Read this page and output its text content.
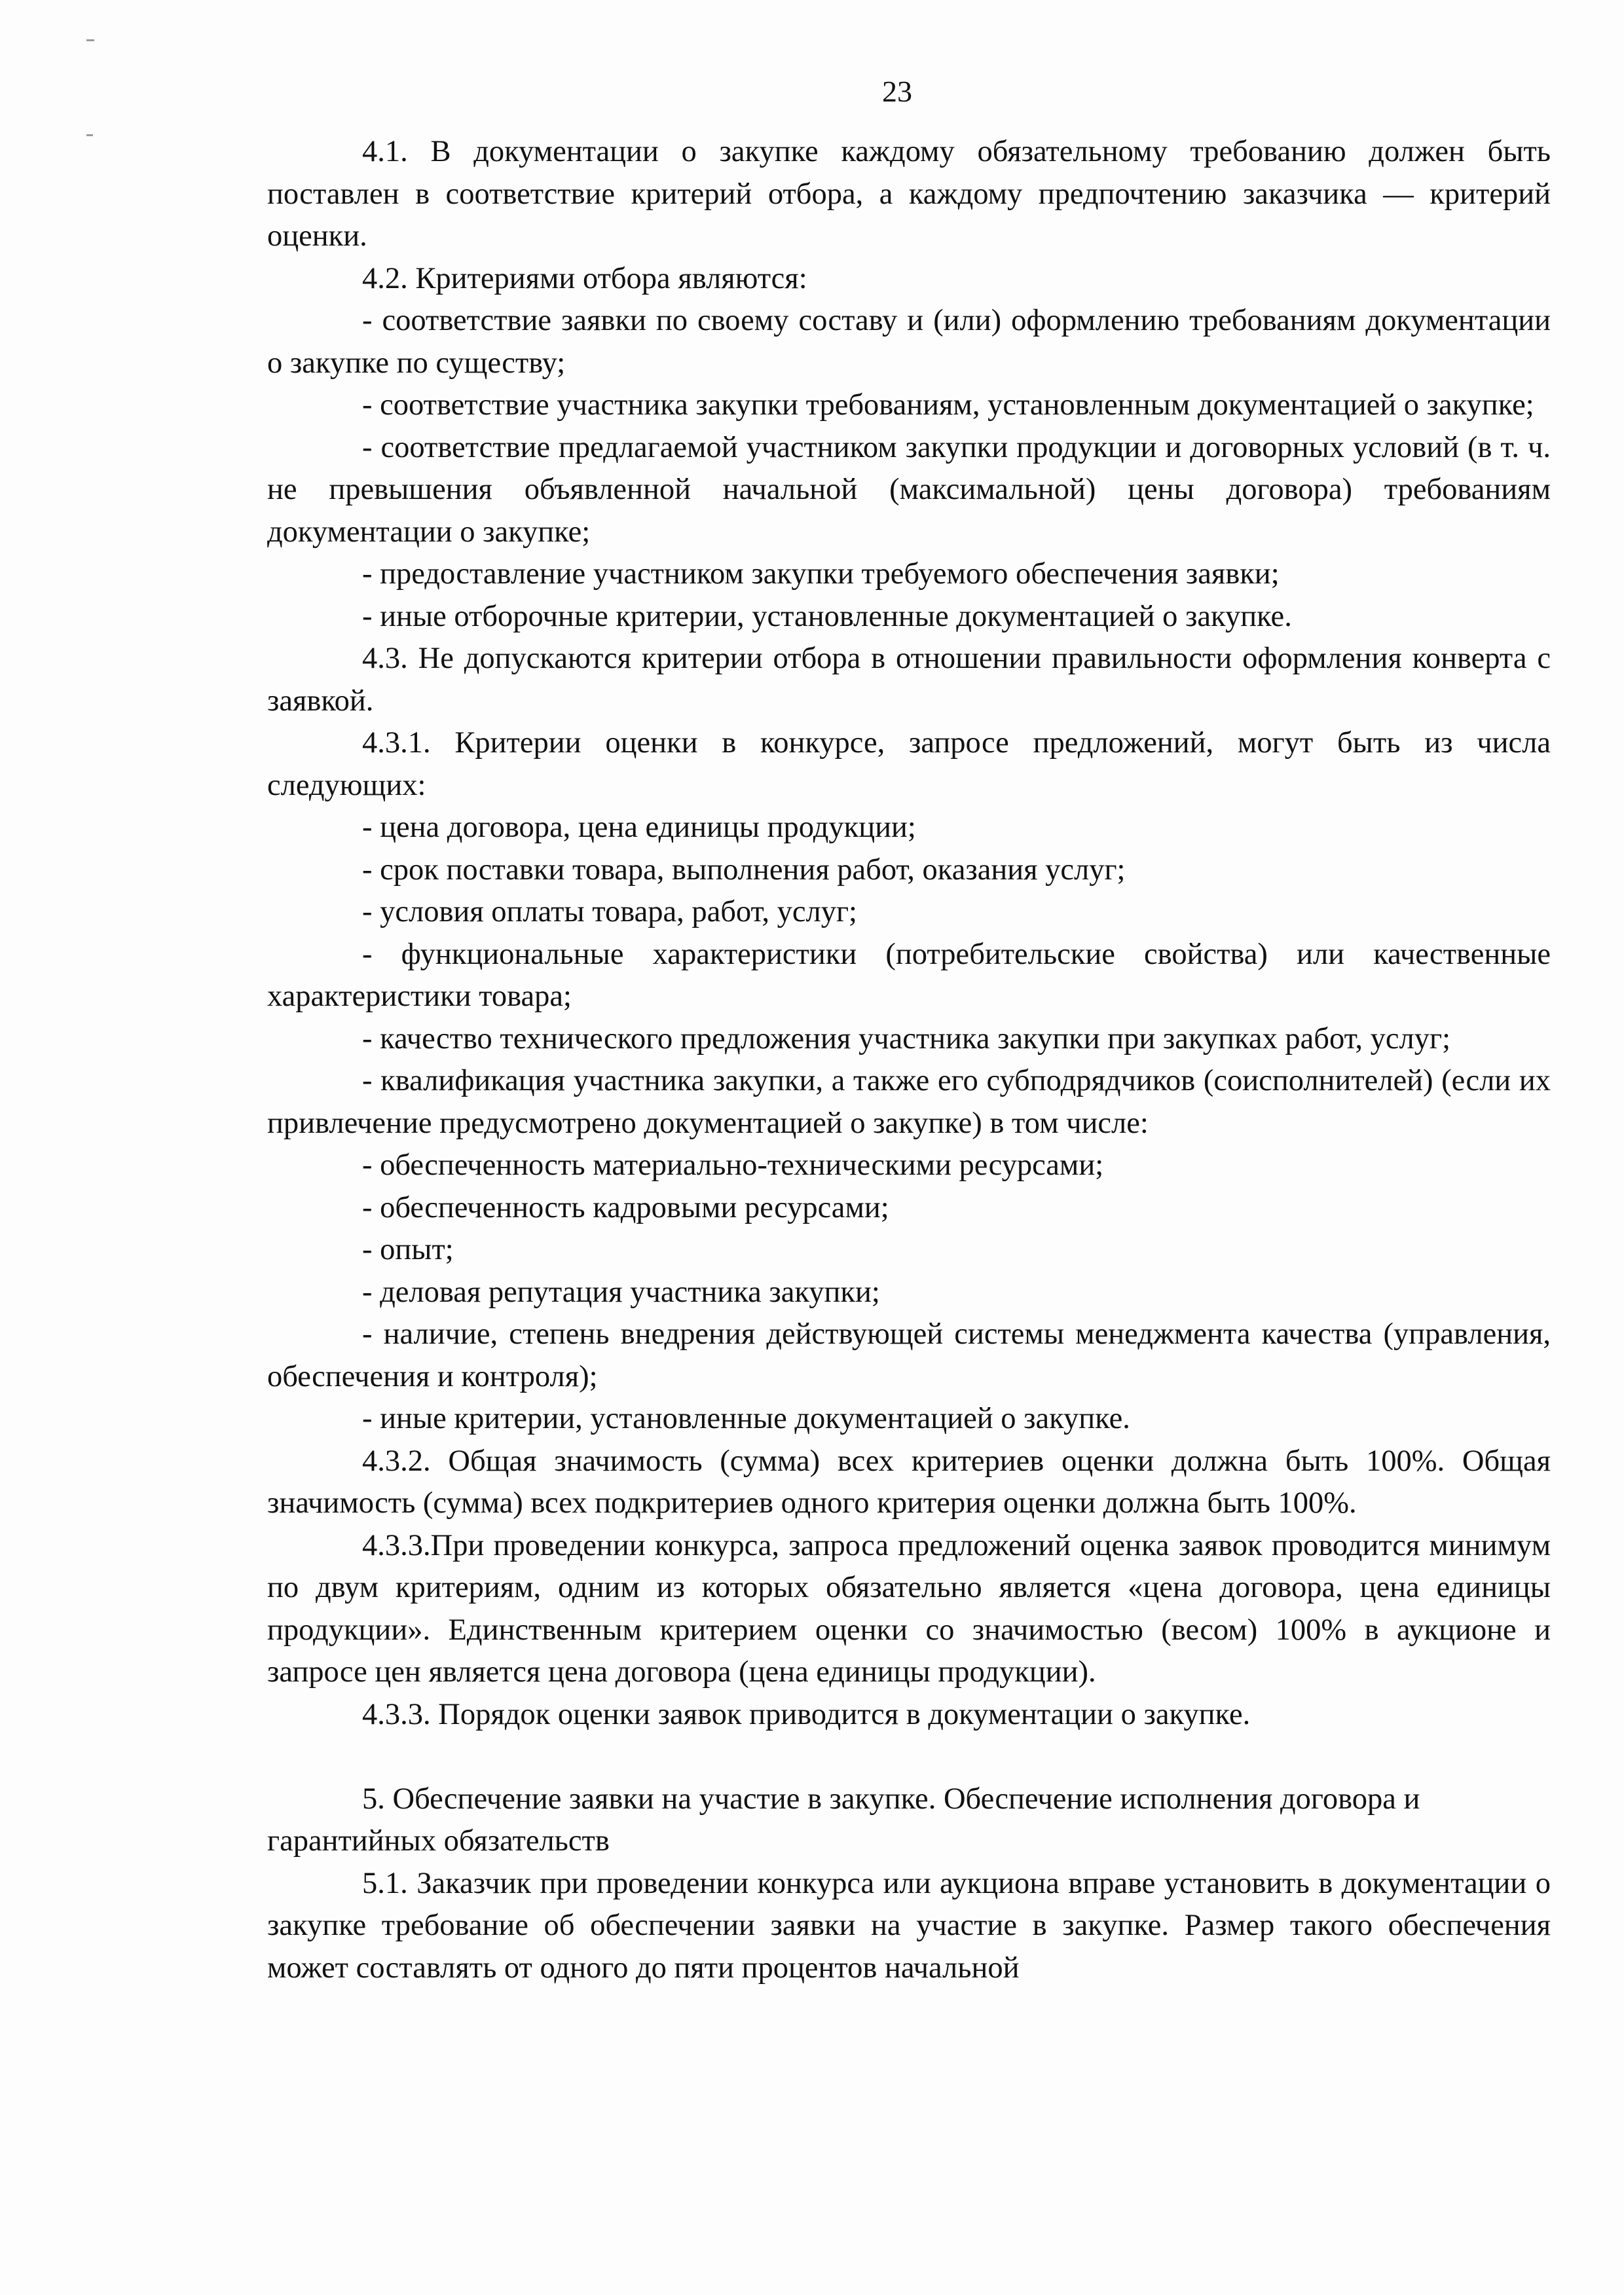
23

4.1. В документации о закупке каждому обязательному требованию должен быть поставлен в соответствие критерий отбора, а каждому предпочтению заказчика — критерий оценки.

4.2. Критериями отбора являются:

- соответствие заявки по своему составу и (или) оформлению требованиям документации о закупке по существу;

- соответствие участника закупки требованиям, установленным документацией о закупке;

- соответствие предлагаемой участником закупки продукции и договорных условий (в т. ч. не превышения объявленной начальной (максимальной) цены договора) требованиям документации о закупке;

- предоставление участником закупки требуемого обеспечения заявки;

- иные отборочные критерии, установленные документацией о закупке.

4.3. Не допускаются критерии отбора в отношении правильности оформления конверта с заявкой.

4.3.1. Критерии оценки в конкурсе, запросе предложений, могут быть из числа следующих:

- цена договора, цена единицы продукции;

- срок поставки товара, выполнения работ, оказания услуг;

- условия оплаты товара, работ, услуг;

- функциональные характеристики (потребительские свойства) или качественные характеристики товара;

- качество технического предложения участника закупки при закупках работ, услуг;

- квалификация участника закупки, а также его субподрядчиков (соисполнителей) (если их привлечение предусмотрено документацией о закупке) в том числе:

- обеспеченность материально-техническими ресурсами;

- обеспеченность кадровыми ресурсами;

- опыт;

- деловая репутация участника закупки;

- наличие, степень внедрения действующей системы менеджмента качества (управления, обеспечения и контроля);

- иные критерии, установленные документацией о закупке.

4.3.2. Общая значимость (сумма) всех критериев оценки должна быть 100%. Общая значимость (сумма) всех подкритериев одного критерия оценки должна быть 100%.

4.3.3.При проведении конкурса, запроса предложений оценка заявок проводится минимум по двум критериям, одним из которых обязательно является «цена договора, цена единицы продукции». Единственным критерием оценки со значимостью (весом) 100% в аукционе и запросе цен является цена договора (цена единицы продукции).

4.3.3. Порядок оценки заявок приводится в документации о закупке.

5. Обеспечение заявки на участие в закупке. Обеспечение исполнения договора и гарантийных обязательств

5.1. Заказчик при проведении конкурса или аукциона вправе установить в документации о закупке требование об обеспечении заявки на участие в закупке. Размер такого обеспечения может составлять от одного до пяти процентов начальной
